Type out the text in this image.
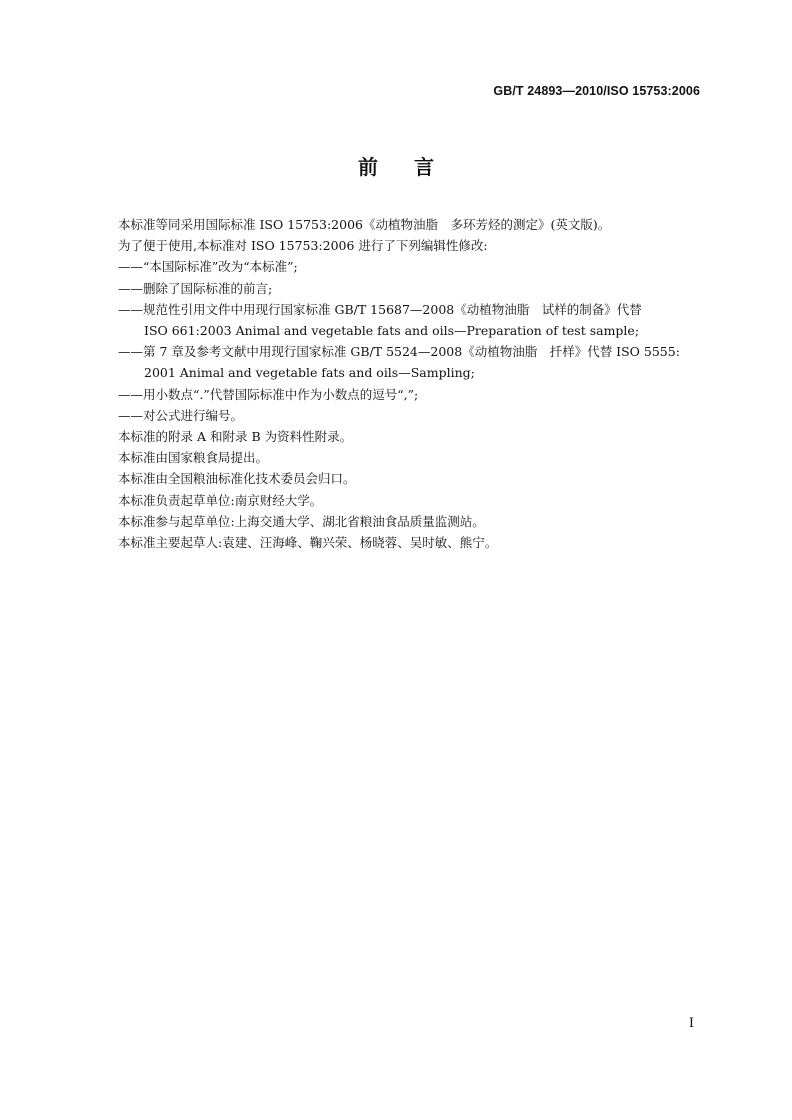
GB/T 24893—2010/ISO 15753:2006
前言
本标准等同采用国际标准 ISO 15753:2006《动植物油脂　多环芳烃的测定》(英文版)。
为了便于使用,本标准对 ISO 15753:2006 进行了下列编辑性修改:
——“本国际标准”改为“本标准”;
——删除了国际标准的前言;
——规范性引用文件中用现行国家标准 GB/T 15687—2008《动植物油脂　试样的制备》代替
ISO 661:2003 Animal and vegetable fats and oils—Preparation of test sample;
——第 7 章及参考文献中用现行国家标准 GB/T 5524—2008《动植物油脂　扦样》代替 ISO 5555:
2001 Animal and vegetable fats and oils—Sampling;
——用小数点“.”代替国际标准中作为小数点的逗号“,”;
——对公式进行编号。
本标准的附录 A 和附录 B 为资料性附录。
本标准由国家粮食局提出。
本标准由全国粮油标准化技术委员会归口。
本标准负责起草单位:南京财经大学。
本标准参与起草单位:上海交通大学、湖北省粮油食品质量监测站。
本标准主要起草人:袁建、汪海峰、鞠兴荣、杨晓蓉、吴时敏、熊宁。
I
